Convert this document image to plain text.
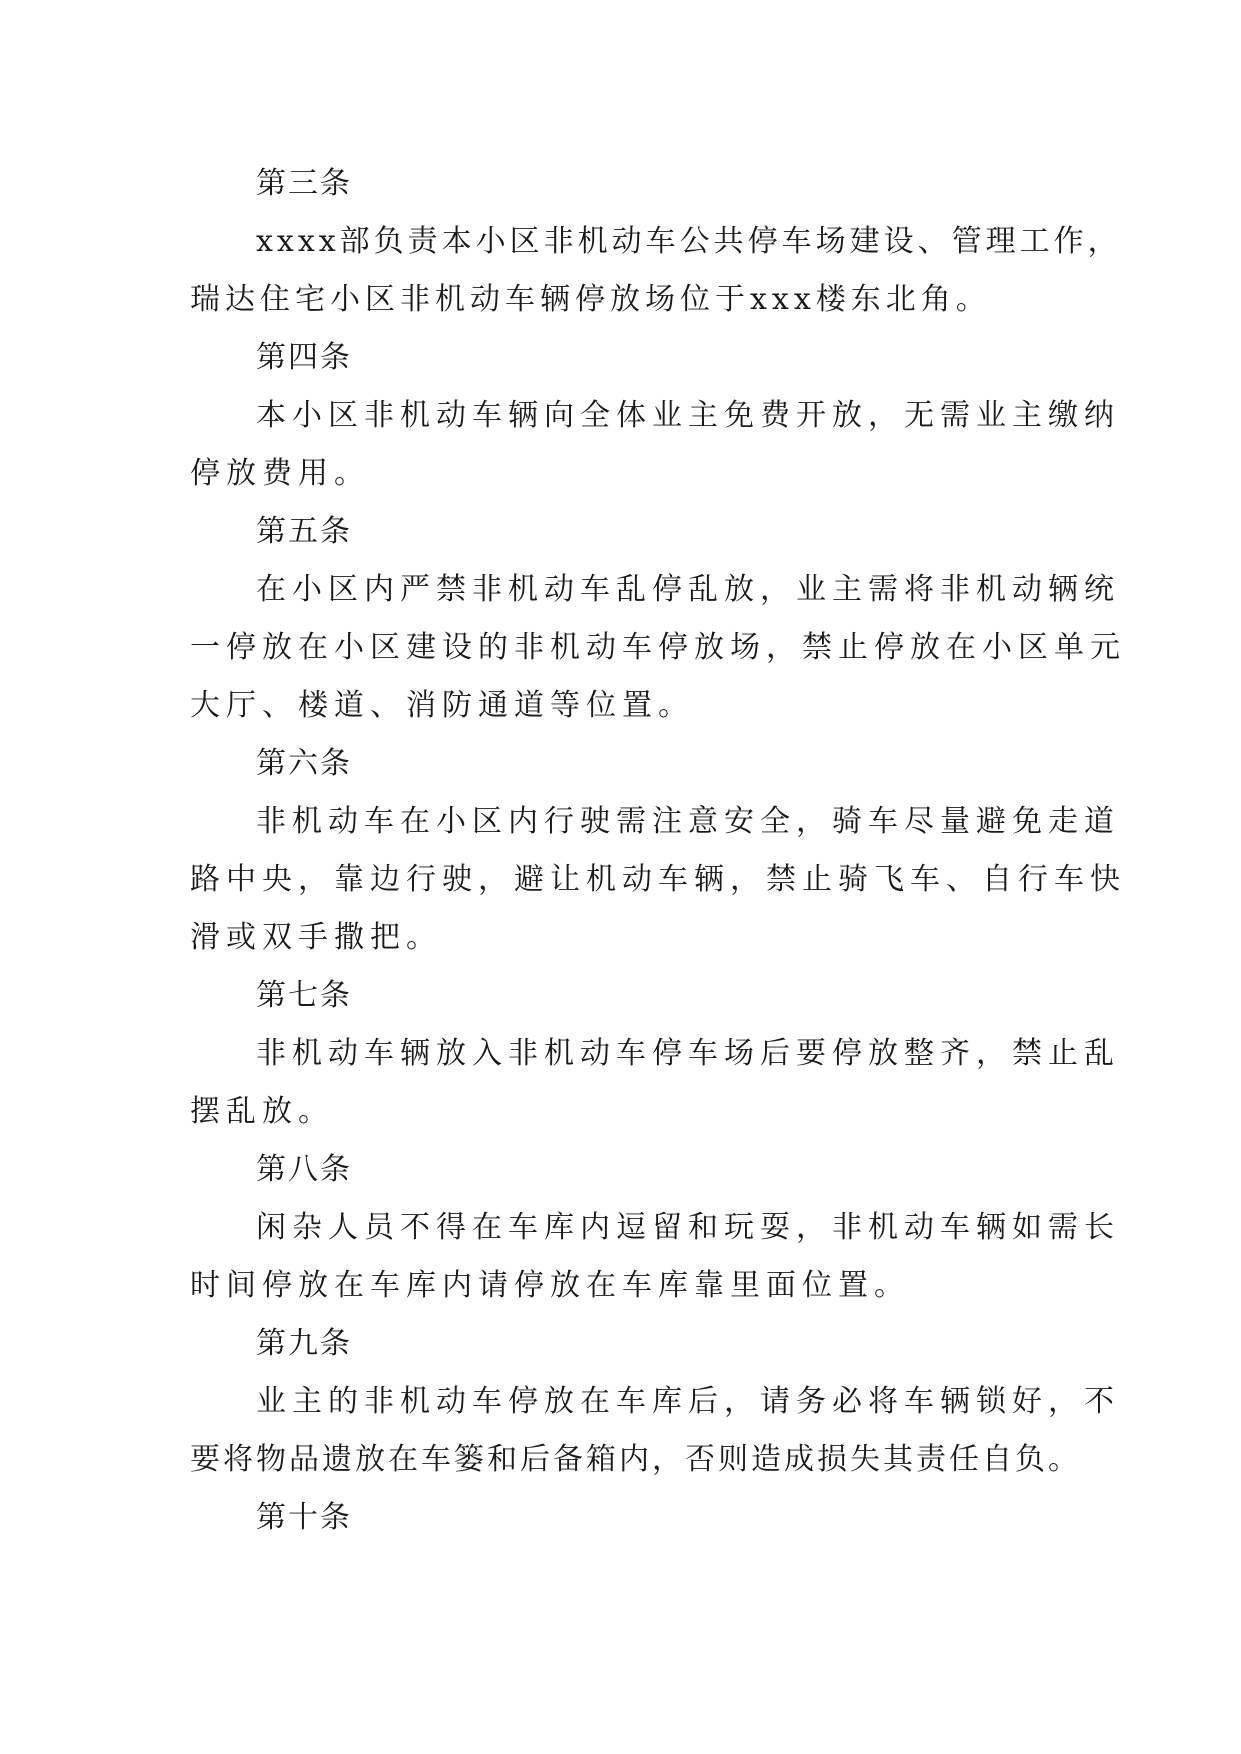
第三条
xxxx部负责本小区非机动车公共停车场建设、管理工作，
瑞达住宅小区非机动车辆停放场位于xxx楼东北角。
第四条
本小区非机动车辆向全体业主免费开放，无需业主缴纳
停放费用。
第五条
在小区内严禁非机动车乱停乱放，业主需将非机动辆统
一停放在小区建设的非机动车停放场，禁止停放在小区单元
大厅、楼道、消防通道等位置。
第六条
非机动车在小区内行驶需注意安全，骑车尽量避免走道
路中央，靠边行驶，避让机动车辆，禁止骑飞车、自行车快
滑或双手撒把。
第七条
非机动车辆放入非机动车停车场后要停放整齐，禁止乱
摆乱放。
第八条
闲杂人员不得在车库内逗留和玩耍，非机动车辆如需长
时间停放在车库内请停放在车库靠里面位置。
第九条
业主的非机动车停放在车库后，请务必将车辆锁好，不
要将物品遗放在车篓和后备箱内，否则造成损失其责任自负。
第十条
